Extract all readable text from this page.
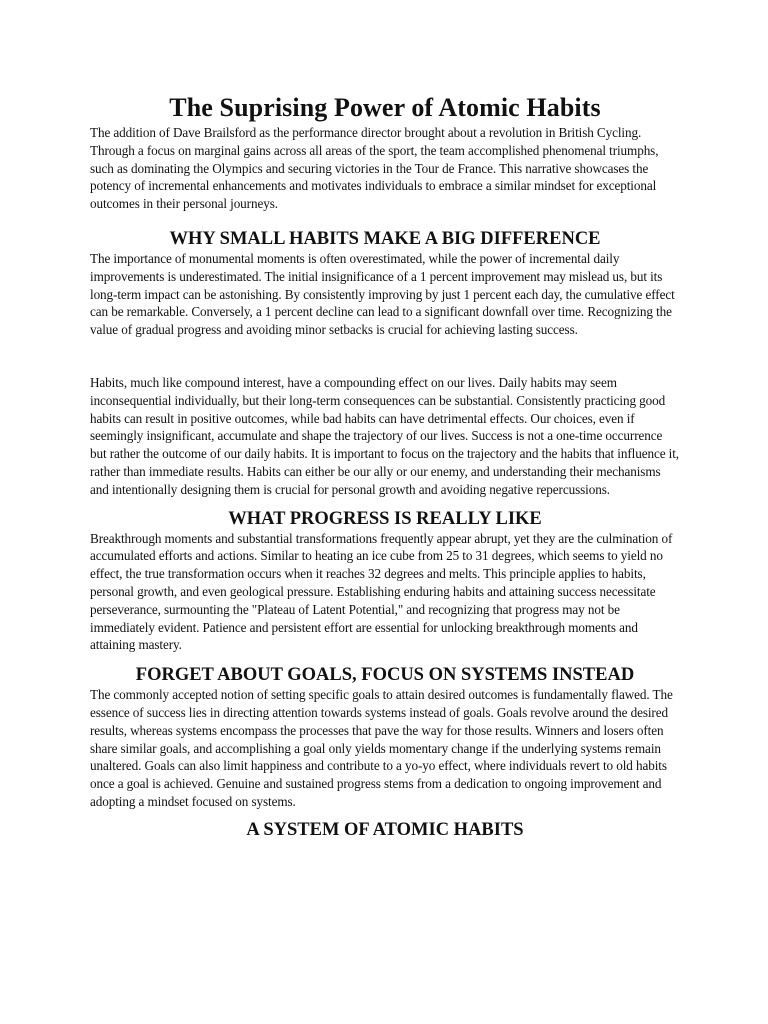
The Suprising Power of Atomic Habits

The addition of Dave Brailsford as the performance director brought about a revolution in British Cycling. Through a focus on marginal gains across all areas of the sport, the team accomplished phenomenal triumphs, such as dominating the Olympics and securing victories in the Tour de France. This narrative showcases the potency of incremental enhancements and motivates individuals to embrace a similar mindset for exceptional outcomes in their personal journeys.

WHY SMALL HABITS MAKE A BIG DIFFERENCE

The importance of monumental moments is often overestimated, while the power of incremental daily improvements is underestimated. The initial insignificance of a 1 percent improvement may mislead us, but its long-term impact can be astonishing. By consistently improving by just 1 percent each day, the cumulative effect can be remarkable. Conversely, a 1 percent decline can lead to a significant downfall over time. Recognizing the value of gradual progress and avoiding minor setbacks is crucial for achieving lasting success.

Habits, much like compound interest, have a compounding effect on our lives. Daily habits may seem inconsequential individually, but their long-term consequences can be substantial. Consistently practicing good habits can result in positive outcomes, while bad habits can have detrimental effects. Our choices, even if seemingly insignificant, accumulate and shape the trajectory of our lives. Success is not a one-time occurrence but rather the outcome of our daily habits. It is important to focus on the trajectory and the habits that influence it, rather than immediate results. Habits can either be our ally or our enemy, and understanding their mechanisms and intentionally designing them is crucial for personal growth and avoiding negative repercussions.

WHAT PROGRESS IS REALLY LIKE

Breakthrough moments and substantial transformations frequently appear abrupt, yet they are the culmination of accumulated efforts and actions. Similar to heating an ice cube from 25 to 31 degrees, which seems to yield no effect, the true transformation occurs when it reaches 32 degrees and melts. This principle applies to habits, personal growth, and even geological pressure. Establishing enduring habits and attaining success necessitate perseverance, surmounting the "Plateau of Latent Potential," and recognizing that progress may not be immediately evident. Patience and persistent effort are essential for unlocking breakthrough moments and attaining mastery.

FORGET ABOUT GOALS, FOCUS ON SYSTEMS INSTEAD

The commonly accepted notion of setting specific goals to attain desired outcomes is fundamentally flawed. The essence of success lies in directing attention towards systems instead of goals. Goals revolve around the desired results, whereas systems encompass the processes that pave the way for those results. Winners and losers often share similar goals, and accomplishing a goal only yields momentary change if the underlying systems remain unaltered. Goals can also limit happiness and contribute to a yo-yo effect, where individuals revert to old habits once a goal is achieved. Genuine and sustained progress stems from a dedication to ongoing improvement and adopting a mindset focused on systems.

A SYSTEM OF ATOMIC HABITS
